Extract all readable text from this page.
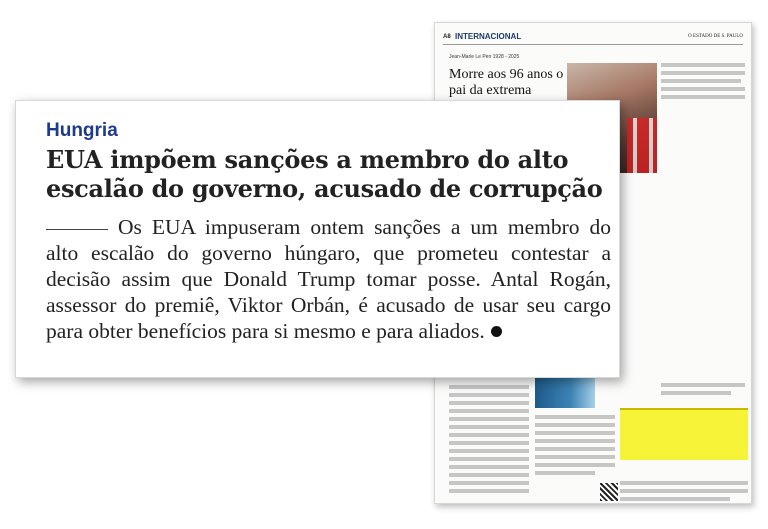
A8 INTERNACIONAL	O ESTADO DE S. PAULO
Jean-Marie Le Pen 1928 - 2025
Morre aos 96 anos o pai da extrema
Hungria
EUA impõem sanções a membro do alto escalão do governo, acusado de corrupção

Os EUA impuseram ontem sanções a um membro do alto escalão do governo húngaro, que prometeu contestar a decisão assim que Donald Trump tomar posse. Antal Rogán, assessor do premiê, Viktor Orbán, é acusado de usar seu cargo para obter benefícios para si mesmo e para aliados.
